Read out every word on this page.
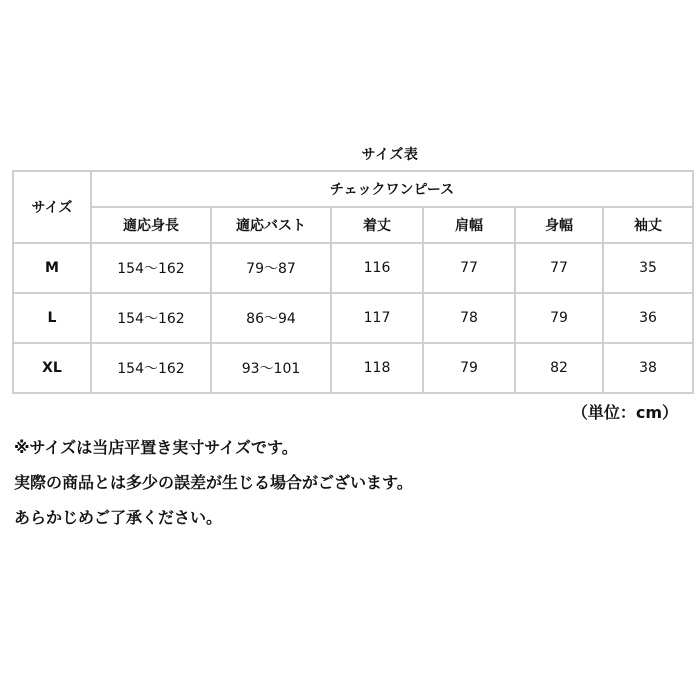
サイズ表
サイズ	チェックワンピース					
	適応身長	適応バスト	着丈	肩幅	身幅	袖丈
M	154～162	79～87	116	77	77	35
L	154～162	86～94	117	78	79	36
XL	154～162	93～101	118	79	82	38
（単位：cm）
※サイズは当店平置き実寸サイズです。
実際の商品とは多少の誤差が生じる場合がございます。
あらかじめご了承ください。
